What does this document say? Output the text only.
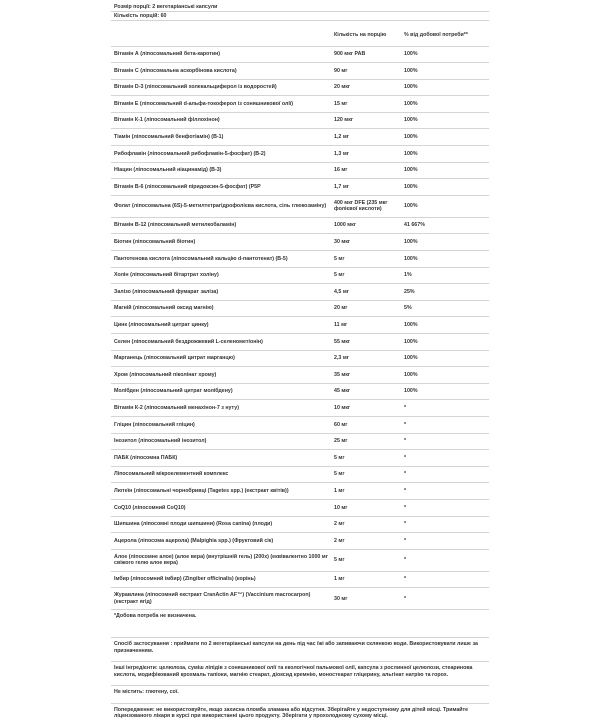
Розмір порції: 2 вегетаріанські капсули
Кількість порцій: 60
	Кількість на порцію	% від добової потреби**
Вітамін А (ліпосомальний бета-каротин)	900 мкг РАВ	100%
Вітамін С (ліпосомальна аскорбінова кислота)	90 мг	100%
Вітамін D-3 (ліпосомальний холекальциферол із водоростей)	20 мкг	100%
Вітамін Е (ліпосомальний d-альфа-токоферол із соняшникової олії)	15 мг	100%
Вітамін К-1 (ліпосомальний філлохінон)	120 мкг	100%
Тіамін (ліпосомальний бенфотіамін) (В-1)	1,2 мг	100%
Рибофлавін (ліпосомальний рибофлавін-5-фосфат) (В-2)	1,3 мг	100%
Ніацин (ліпосомальний ніацинамід) (В-3)	16 мг	100%
Вітамін В-6 (ліпосомальний піридоксин-5-фосфат) (P5P	1,7 мг	100%
Фолат (ліпосомальна (6S)-5-метилтетрагідрофолієва кислота, сіль глюкозаміну)	400 мкг DFE (235 мкг фолієвої кислоти)	100%
Вітамін В-12 (ліпосомальний метилкобаламін)	1000 мкг	41 667%
Біотин (ліпосомальний біотин)	30 мкг	100%
Пантотенова кислота (ліпосомальний кальцію d-пантотенат) (В-5)	5 мг	100%
Холін (ліпосомальний бітартрат холіну)	5 мг	1%
Залізо (ліпосомальний фумарат заліза)	4,5 мг	25%
Магній (ліпосомальний оксид магнію)	20 мг	5%
Цинк (ліпосомальний цитрат цинку)	11 мг	100%
Селен (ліпосомальний бездрожжевий L-селенометіонін)	55 мкг	100%
Марганець (ліпосомальний цитрат марганцю)	2,3 мг	100%
Хром (ліпосомальний піколінат хрому)	35 мкг	100%
Молібден (ліпосомальний цитрат молібдену)	45 мкг	100%
Вітамін К-2 (ліпосомальний менахінон-7 з нуту)	10 мкг	*
Гліцин (ліпосомальний гліцин)	60 мг	*
Інозитол (ліпосомальний інозитол)	25 мг	*
ПАБК (ліпосомна ПАБК)	5 мг	*
Ліпосомальний мікроелементний комплекс	5 мг	*
Лютеїн (ліпосомальні чорнобривці (Tagetes spp.) (екстракт квітів))	1 мг	*
CoQ10 (ліпосомний CoQ10)	10 мг	*
Шипшина (ліпосомні плоди шипшини) (Rosa canina) (плоди)	2 мг	*
Ацерола (ліпосома ацерола) (Malpighia spp.) (Фруктовий сік)	2 мг	*
Алое (ліпосомне алое) (алое вера) (внутрішній гель) (200x) (еквівалентно 1000 мг свіжого гелю алое вера)	5 мг	*
Імбир (ліпосомний імбир) (Zingiber officinalis) (корінь)	1 мг	*
Журавлина (ліпосомний екстракт CranActin AF™) (Vaccinium macrocarpon) (екстракт ягід)	30 мг	*
*Добова потреба не визначена.
Спосіб застосування : приймати по 2 вегетаріанські капсули на день під час їжі або запиваючи склянкою води. Використовувати лише за призначенням.
Інші інгредієнти: целюлоза, суміш ліпідів з соняшникової олії та екологічної пальмової олії, капсула з рослинної целюлози, стеаринова кислота, модифікований крохмаль тапіоки, магнію стеарат, діоксид кремнію, моностеарат гліцерину, альгінат натрію та горох.
Не містить: глютену, сої.
Попередження: не використовуйте, якщо захисна пломба зламана або відсутня. Зберігайте у недоступному для дітей місці. Тримайте ліцензованого лікаря в курсі при використанні цього продукту. Зберігати у прохолодному сухому місці.
